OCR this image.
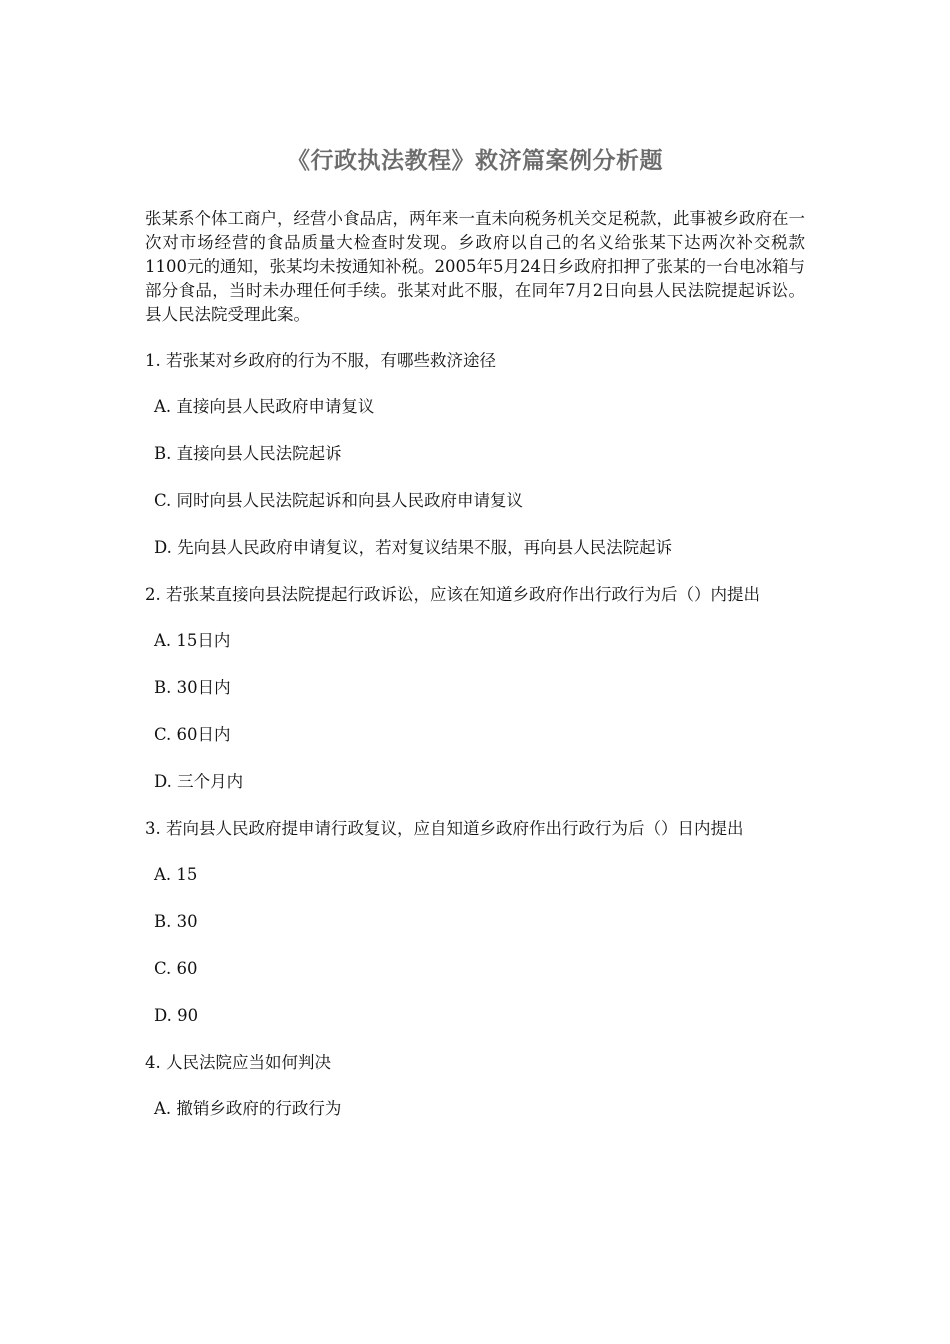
《行政执法教程》救济篇案例分析题

张某系个体工商户，经营小食品店，两年来一直未向税务机关交足税款，此事被乡政府在一次对市场经营的食品质量大检查时发现。乡政府以自己的名义给张某下达两次补交税款1100元的通知，张某均未按通知补税。2005年5月24日乡政府扣押了张某的一台电冰箱与部分食品，当时未办理任何手续。张某对此不服，在同年7月2日向县人民法院提起诉讼。县人民法院受理此案。

1. 若张某对乡政府的行为不服，有哪些救济途径

A. 直接向县人民政府申请复议

B. 直接向县人民法院起诉

C. 同时向县人民法院起诉和向县人民政府申请复议

D. 先向县人民政府申请复议，若对复议结果不服，再向县人民法院起诉

2. 若张某直接向县法院提起行政诉讼，应该在知道乡政府作出行政行为后（）内提出

A. 15日内

B. 30日内

C. 60日内

D. 三个月内

3. 若向县人民政府提申请行政复议，应自知道乡政府作出行政行为后（）日内提出

A. 15

B. 30

C. 60

D. 90

4. 人民法院应当如何判决

A. 撤销乡政府的行政行为
